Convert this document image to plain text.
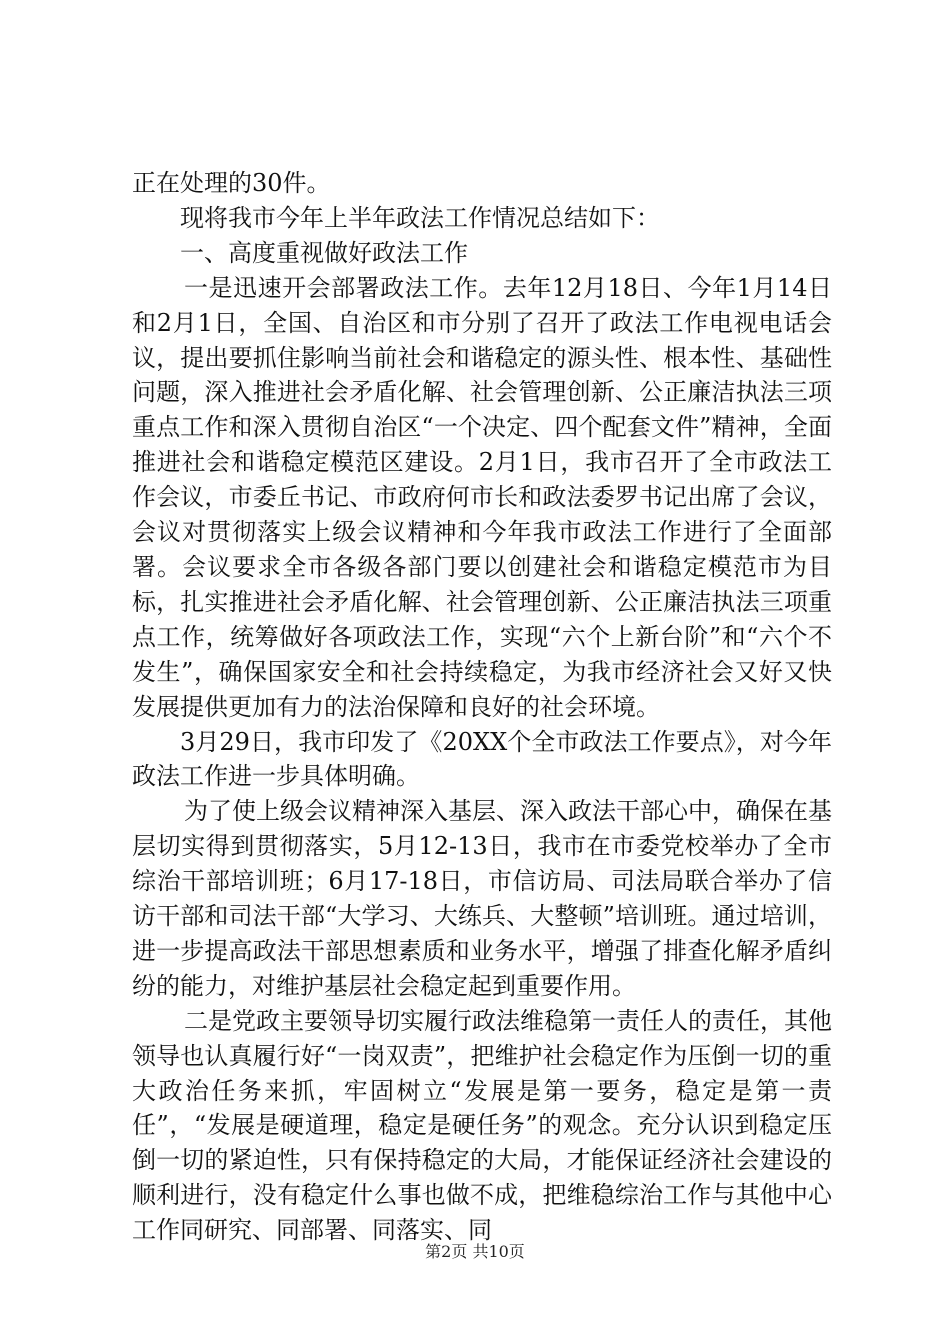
正在处理的30件。

现将我市今年上半年政法工作情况总结如下：

一、高度重视做好政法工作

一是迅速开会部署政法工作。去年12月18日、今年1月14日和2月1日，全国、自治区和市分别了召开了政法工作电视电话会议，提出要抓住影响当前社会和谐稳定的源头性、根本性、基础性问题，深入推进社会矛盾化解、社会管理创新、公正廉洁执法三项重点工作和深入贯彻自治区“一个决定、四个配套文件”精神，全面推进社会和谐稳定模范区建设。2月1日，我市召开了全市政法工作会议，市委丘书记、市政府何市长和政法委罗书记出席了会议，会议对贯彻落实上级会议精神和今年我市政法工作进行了全面部署。会议要求全市各级各部门要以创建社会和谐稳定模范市为目标，扎实推进社会矛盾化解、社会管理创新、公正廉洁执法三项重点工作，统筹做好各项政法工作，实现“六个上新台阶”和“六个不发生”，确保国家安全和社会持续稳定，为我市经济社会又好又快发展提供更加有力的法治保障和良好的社会环境。

3月29日，我市印发了《20XX个全市政法工作要点》，对今年政法工作进一步具体明确。

为了使上级会议精神深入基层、深入政法干部心中，确保在基层切实得到贯彻落实，5月12-13日，我市在市委党校举办了全市综治干部培训班；6月17-18日，市信访局、司法局联合举办了信访干部和司法干部“大学习、大练兵、大整顿”培训班。通过培训，进一步提高政法干部思想素质和业务水平，增强了排查化解矛盾纠纷的能力，对维护基层社会稳定起到重要作用。

二是党政主要领导切实履行政法维稳第一责任人的责任，其他领导也认真履行好“一岗双责”，把维护社会稳定作为压倒一切的重大政治任务来抓，牢固树立“发展是第一要务，稳定是第一责任”，“发展是硬道理，稳定是硬任务”的观念。充分认识到稳定压倒一切的紧迫性，只有保持稳定的大局，才能保证经济社会建设的顺利进行，没有稳定什么事也做不成，把维稳综治工作与其他中心工作同研究、同部署、同落实、同

第2页 共10页
